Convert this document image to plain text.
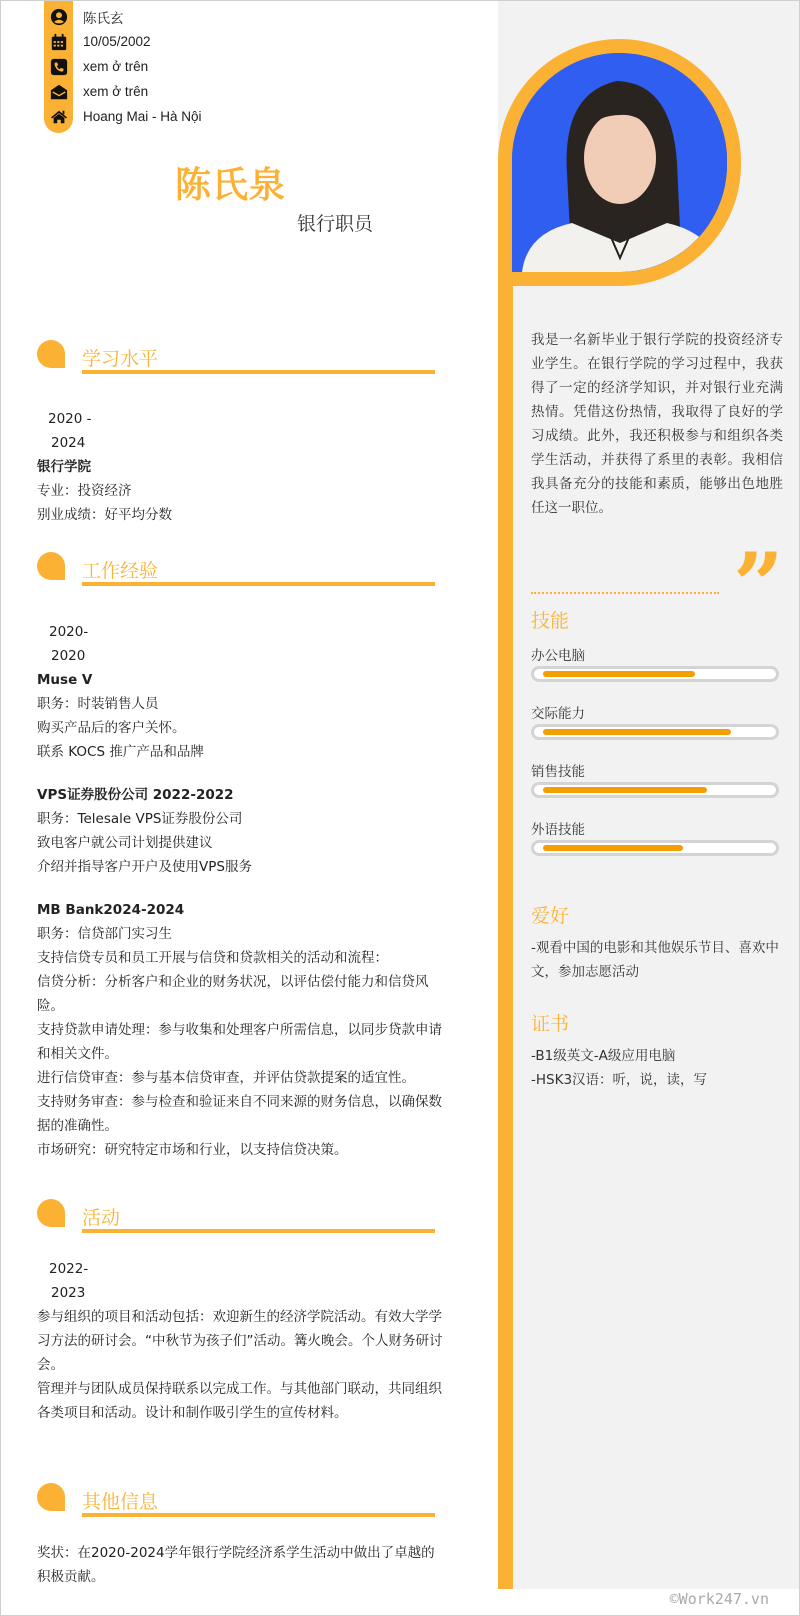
陈氏玄
10/05/2002
xem ở trên
xem ở trên
Hoang Mai - Hà Nội
陈氏泉
银行职员
学习水平
2020 -
2024
银行学院
专业：投资经济
别业成绩：好平均分数
工作经验
2020-
2020
Muse V
职务：时装销售人员
购买产品后的客户关怀。
联系 KOCS 推广产品和品牌
VPS证券股份公司 2022-2022
职务：Telesale VPS证券股份公司
致电客户就公司计划提供建议
介绍并指导客户开户及使用VPS服务
MB Bank2024-2024
职务：信贷部门实习生
支持信贷专员和员工开展与信贷和贷款相关的活动和流程：
信贷分析：分析客户和企业的财务状况，以评估偿付能力和信贷风险。
支持贷款申请处理：参与收集和处理客户所需信息，以同步贷款申请和相关文件。
进行信贷审查：参与基本信贷审查，并评估贷款提案的适宜性。
支持财务审查：参与检查和验证来自不同来源的财务信息，以确保数据的准确性。
市场研究：研究特定市场和行业，以支持信贷决策。
活动
2022-
2023
参与组织的项目和活动包括：欢迎新生的经济学院活动。有效大学学习方法的研讨会。“中秋节为孩子们”活动。篝火晚会。个人财务研讨会。
管理并与团队成员保持联系以完成工作。与其他部门联动，共同组织各类项目和活动。设计和制作吸引学生的宣传材料。
其他信息
奖状：在2020-2024学年银行学院经济系学生活动中做出了卓越的积极贡献。
我是一名新毕业于银行学院的投资经济专业学生。在银行学院的学习过程中，我获得了一定的经济学知识，并对银行业充满热情。凭借这份热情，我取得了良好的学习成绩。此外，我还积极参与和组织各类学生活动，并获得了系里的表彰。我相信我具备充分的技能和素质，能够出色地胜任这一职位。
”
技能
办公电脑
交际能力
销售技能
外语技能
爱好
-观看中国的电影和其他娱乐节目、喜欢中文，参加志愿活动
证书
-B1级英文-A级应用电脑
-HSK3汉语：听，说，读，写
©Work247.vn
